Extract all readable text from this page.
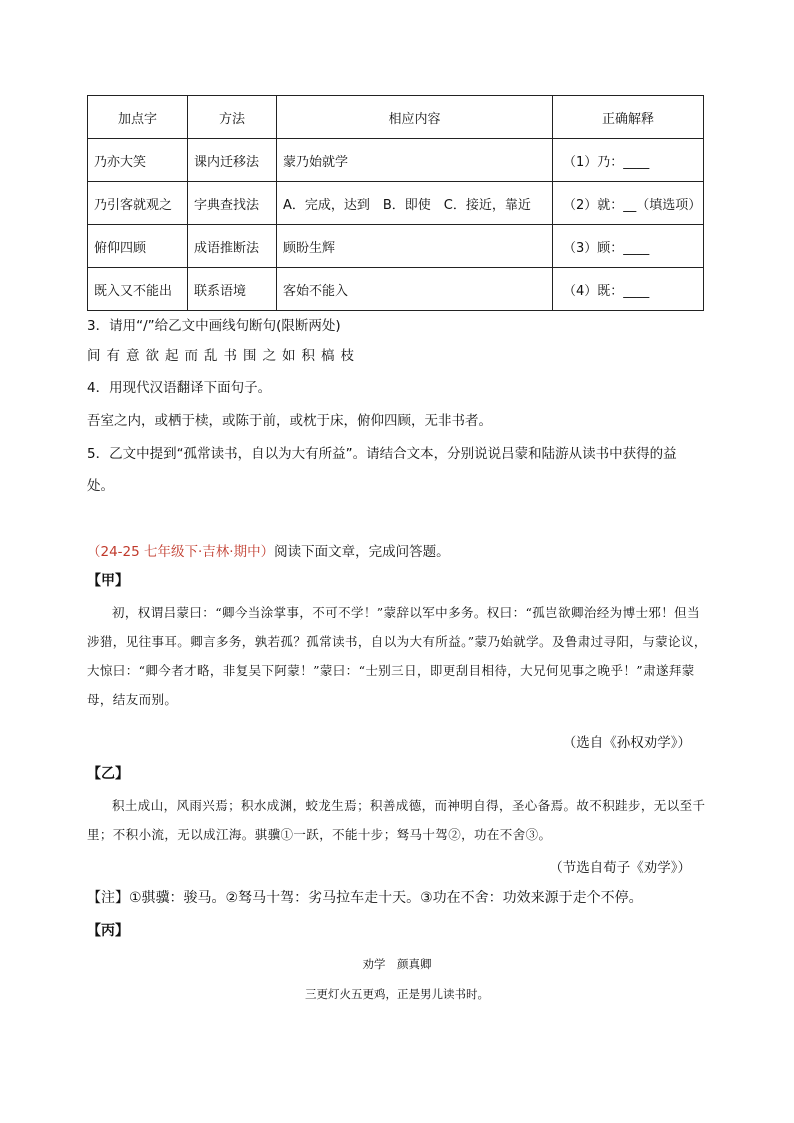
加点字	方法	相应内容	正确解释
乃亦大笑	课内迁移法	蒙乃始就学	（1）乃：____
乃引客就观之	字典查找法	A．完成，达到　B．即使　C．接近，靠近	（2）就：__（填选项）
俯仰四顾	成语推断法	顾盼生辉	（3）顾：____
既入又不能出	联系语境	客始不能入	（4）既：____
3．请用“/”给乙文中画线句断句(限断两处)
间有意欲起而乱书围之如积槁枝
4．用现代汉语翻译下面句子。
吾室之内，或栖于椟，或陈于前，或枕于床，俯仰四顾，无非书者。
5．乙文中提到“孤常读书，自以为大有所益”。请结合文本，分别说说吕蒙和陆游从读书中获得的益
处。
（24-25 七年级下·吉林·期中）阅读下面文章，完成问答题。
【甲】
初，权谓吕蒙曰：“卿今当涂掌事，不可不学！”蒙辞以军中多务。权曰：“孤岂欲卿治经为博士邪！但当涉猎，见往事耳。卿言多务，孰若孤？孤常读书，自以为大有所益。”蒙乃始就学。及鲁肃过寻阳，与蒙论议，大惊曰：“卿今者才略，非复吴下阿蒙！”蒙曰：“士别三日，即更刮目相待，大兄何见事之晚乎！”肃遂拜蒙母，结友而别。
（选自《孙权劝学》）
【乙】
积土成山，风雨兴焉；积水成渊，蛟龙生焉；积善成德，而神明自得，圣心备焉。故不积跬步，无以至千里；不积小流，无以成江海。骐骥①一跃，不能十步；驽马十驾②，功在不舍③。
（节选自荀子《劝学》）
【注】①骐骥：骏马。②驽马十驾：劣马拉车走十天。③功在不舍：功效来源于走个不停。
【丙】
劝学　颜真卿
三更灯火五更鸡，正是男儿读书时。
